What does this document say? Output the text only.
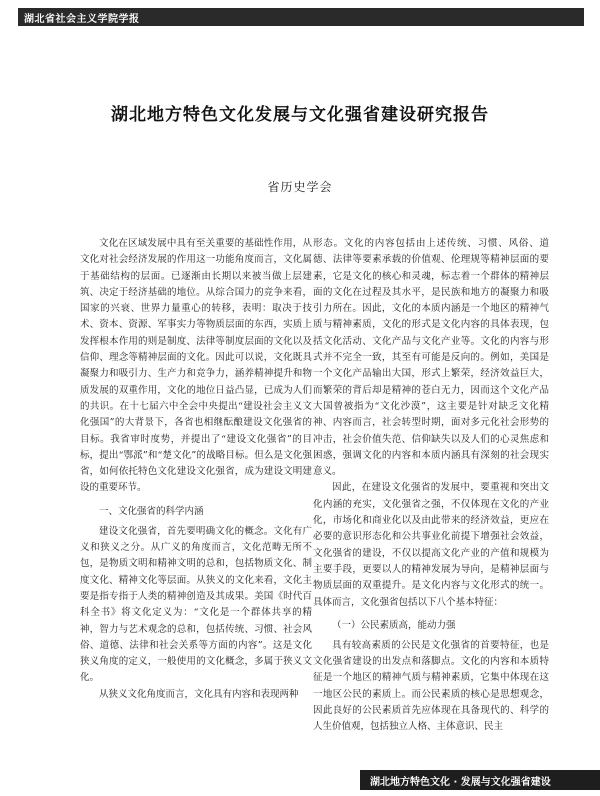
湖北省社会主义学院学报
湖北地方特色文化发展与文化强省建设研究报告
省历史学会

文化在区域发展中具有至关重要的基础性作用，从文化对社会经济发展的作用这一功能角度而言，文化属于基础结构的层面。已逐渐由长期以来被当做上层建筑、决定于经济基础的地位。从综合国力的竞争来看，国家的兴衰、世界力量重心的转移，表明：取决于技术、资本、资源、军事实力等物质层面的东西，实质上发挥根本作用的则是制度、法律等制度层面的文化以及信仰、理念等精神层面的文化。因此可以说，文化既具凝聚力和吸引力、生产力和竞争力，涵养精神提升和物质发展的双重作用，文化的地位日益凸显，已成为人们的共识。在十七届六中全会中央提出“建设社会主义文化强国”的大背景下，各省也相继酝酿建设文化强省的目标。我省审时度势，并提出了“建设文化强省”的目标，提出“鄂派”和“楚文化”的战略目标。但么是文化强省，如何依托特色文化建设文化强省，成为建设文明建设的重要环节。

一、文化强省的科学内涵

建设文化强省，首先要明确文化的概念。文化有广义和狭义之分。从广义的角度而言，文化范畴无所不包，是物质文明和精神文明的总和，包括物质文化、制度文化、精神文化等层面。从狭义的文化来看，文化主要是指专指于人类的精神创造及其成果。美国《时代百科全书》将文化定义为：“文化是一个群体共享的精神，智力与艺术观念的总和，包括传统、习惯、社会风俗、道德、法律和社会关系等方面的内容”。这是文化狭义角度的定义，一般使用的文化概念，多属于狭义文化。

从狭义文化角度而言，文化具有内容和表现两种

形态。文化的内容包括由上述传统、习惯、风俗、道德、法律等要素承载的价值观、伦理规等精神层面的要素，它是文化的核心和灵魂，标志着一个群体的精神层面的文化在过程及其水平，是民族和地方的凝聚力和吸引力所在。因此，文化的本质内涵是一个地区的精神气质与精神素质，文化的形式是文化内容的具体表现，包括文化活动、文化产品与文化产业等。文化的内容与形式并不完全一致，其至有可能是反向的。例如，美国是一个文化产品输出大国，形式上繁荣，经济效益巨大，而繁荣的背后却是精神的苍白无力，因而这个文化产品大国曾被指为“文化沙漠”，这主要是针对缺乏文化精神、内容而言，社会转型时期，面对多元化社会形势的冲击，社会价值失范、信仰缺失以及人们的心灵焦虑和困惑，强调文化的内容和本质内涵具有深刻的社会现实意义。

因此，在建设文化强省的发展中，要重视和突出文化内涵的充实，文化强省之强，不仅体现在文化的产业化，市场化和商业化以及由此带来的经济效益，更应在必要的意识形态化和公共事业化前提下增强社会效益，文化强省的建设，不仅以提高文化产业的产值和规模为主要手段，更要以人的精神发展为导向，是精神层面与物质层面的双重提升。是文化内容与文化形式的统一。具体而言，文化强省包括以下八个基本特征：

（一）公民素质高，能动力强

具有较高素质的公民是文化强省的首要特征，也是文化强省建设的出发点和落脚点。文化的内容和本质特征是一个地区的精神气质与精神素质，它集中体现在这一地区公民的素质上。而公民素质的核心是思想观念，因此良好的公民素质首先应体现在具备现代的、科学的人生价值观，包括独立人格、主体意识、民主

湖北地方特色文化 · 发展与文化强省建设
